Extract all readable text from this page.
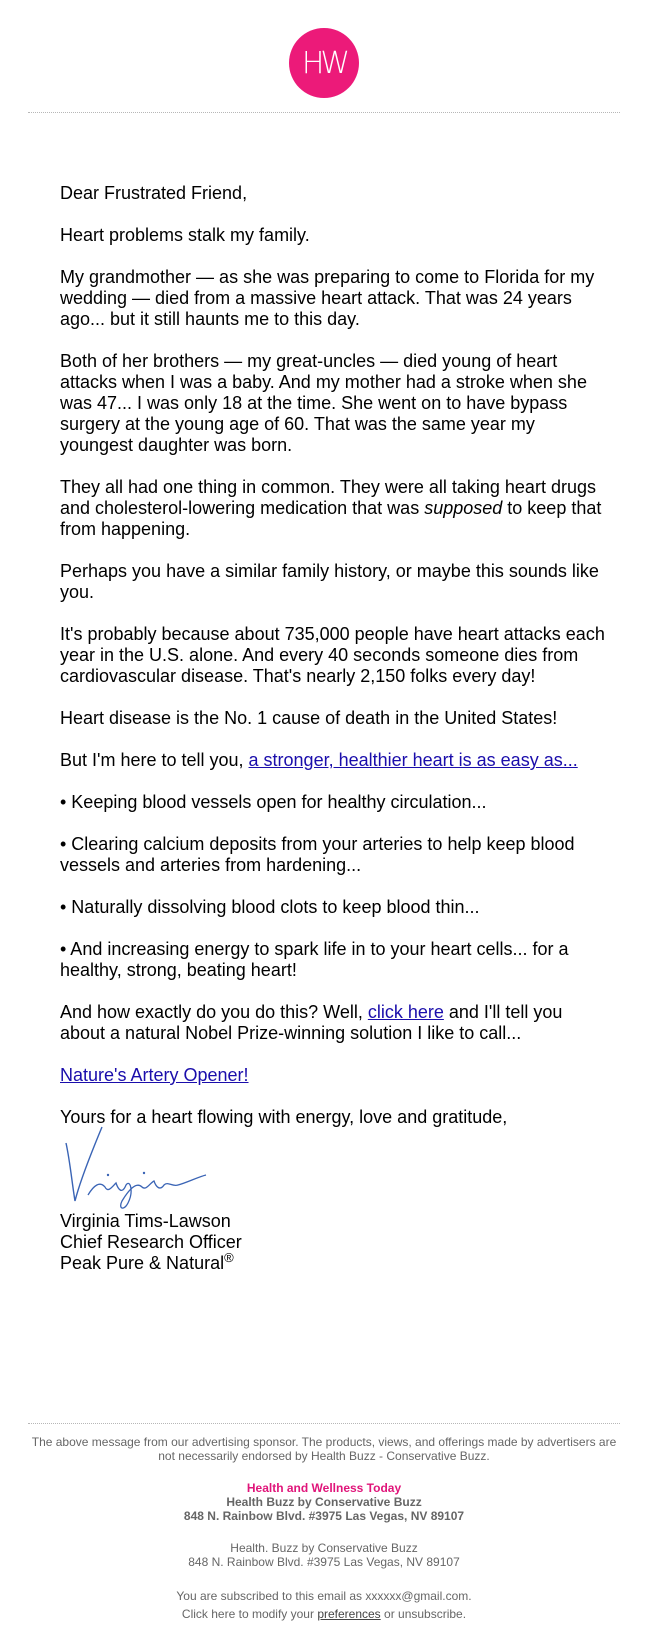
HW

Dear Frustrated Friend,

Heart problems stalk my family.

My grandmother — as she was preparing to come to Florida for my wedding — died from a massive heart attack. That was 24 years ago... but it still haunts me to this day.

Both of her brothers — my great-uncles — died young of heart attacks when I was a baby. And my mother had a stroke when she was 47... I was only 18 at the time. She went on to have bypass surgery at the young age of 60. That was the same year my youngest daughter was born.

They all had one thing in common. They were all taking heart drugs and cholesterol-lowering medication that was supposed to keep that from happening.

Perhaps you have a similar family history, or maybe this sounds like you.

It's probably because about 735,000 people have heart attacks each year in the U.S. alone. And every 40 seconds someone dies from cardiovascular disease. That's nearly 2,150 folks every day!

Heart disease is the No. 1 cause of death in the United States!

But I'm here to tell you, a stronger, healthier heart is as easy as...

• Keeping blood vessels open for healthy circulation...

• Clearing calcium deposits from your arteries to help keep blood vessels and arteries from hardening...

• Naturally dissolving blood clots to keep blood thin...

• And increasing energy to spark life in to your heart cells... for a healthy, strong, beating heart!

And how exactly do you do this? Well, click here and I'll tell you about a natural Nobel Prize-winning solution I like to call...

Nature's Artery Opener!

Yours for a heart flowing with energy, love and gratitude,

Virginia Tims-Lawson
Chief Research Officer
Peak Pure & Natural®

The above message from our advertising sponsor. The products, views, and offerings made by advertisers are not necessarily endorsed by Health Buzz - Conservative Buzz.

Health and Wellness Today

Health Buzz by Conservative Buzz

848 N. Rainbow Blvd. #3975 Las Vegas, NV 89107

Health. Buzz by Conservative Buzz

848 N. Rainbow Blvd. #3975 Las Vegas, NV 89107

You are subscribed to this email as xxxxxx@gmail.com.

Click here to modify your preferences or unsubscribe.
